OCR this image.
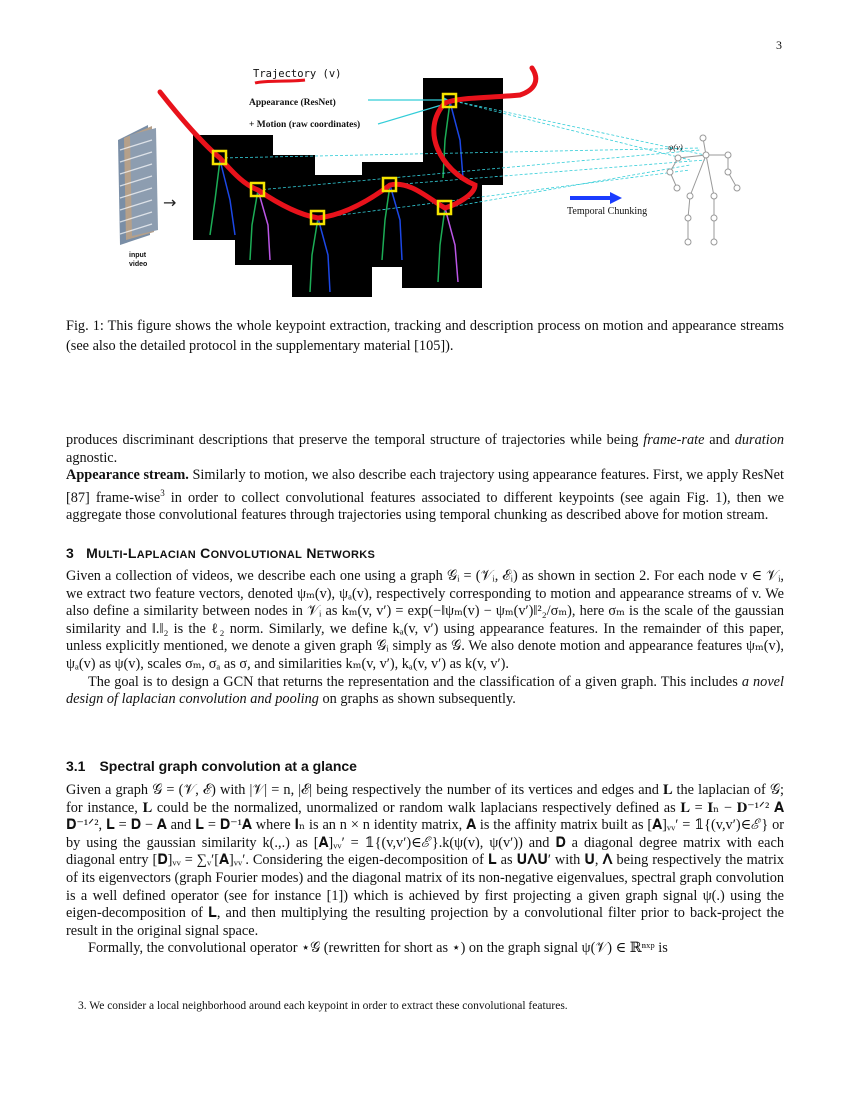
3
→
Trajectory (v)
Appearance (ResNet)
+ Motion (raw coordinates)
input
video
Temporal Chunking
ψ(v)
Fig. 1: This figure shows the whole keypoint extraction, tracking and description process on motion and appearance streams (see also the detailed protocol in the supplementary material [105]).

produces discriminant descriptions that preserve the temporal structure of trajectories while being frame-rate and duration agnostic.

Appearance stream. Similarly to motion, we also describe each trajectory using appearance features. First, we apply ResNet [87] frame-wise$^3$ in order to collect convolutional features associated to different keypoints (see again Fig. 1), then we aggregate those convolutional features through trajectories using temporal chunking as described above for motion stream.

3 MULTI-LAPLACIAN CONVOLUTIONAL NETWORKS

Given a collection of videos, we describe each one using a graph 𝒢ᵢ = (𝒱ᵢ, ℰᵢ) as shown in section 2. For each node v ∈ 𝒱ᵢ, we extract two feature vectors, denoted ψₘ(v), ψₐ(v), respectively corresponding to motion and appearance streams of v. We also define a similarity between nodes in 𝒱ᵢ as kₘ(v, v′) = exp(−‖ψₘ(v) − ψₘ(v′)‖²₂/σₘ), here σₘ is the scale of the gaussian similarity and ‖.‖₂ is the ℓ₂ norm. Similarly, we define kₐ(v, v′) using appearance features. In the remainder of this paper, unless explicitly mentioned, we denote a given graph 𝒢ᵢ simply as 𝒢. We also denote motion and appearance features ψₘ(v), ψₐ(v) as ψ(v), scales σₘ, σₐ as σ, and similarities kₘ(v, v′), kₐ(v, v′) as k(v, v′).

The goal is to design a GCN that returns the representation and the classification of a given graph. This includes a novel design of laplacian convolution and pooling on graphs as shown subsequently.

3.1 Spectral graph convolution at a glance

Given a graph 𝒢 = (𝒱, ℰ) with |𝒱| = n, |ℰ| being respectively the number of its vertices and edges and 𝐋 the laplacian of 𝒢; for instance, 𝐋 could be the normalized, unormalized or random walk laplacians respectively defined as 𝐋 = 𝐈ₙ − 𝐃⁻¹ᐟ² 𝐀 𝐃⁻¹ᐟ², 𝐋 = 𝐃 − 𝐀 and 𝐋 = 𝐃⁻¹𝐀 where 𝐈ₙ is an n × n identity matrix, 𝐀 is the affinity matrix built as [𝐀]ᵥᵥ′ = 𝟙{(v,v′)∈ℰ} or by using the gaussian similarity k(.,.) as [𝐀]ᵥᵥ′ = 𝟙{(v,v′)∈ℰ}.k(ψ(v), ψ(v′)) and 𝐃 a diagonal degree matrix with each diagonal entry [𝐃]ᵥᵥ = ∑ᵥ′[𝐀]ᵥᵥ′. Considering the eigen-decomposition of 𝐋 as 𝐔𝚲𝐔′ with 𝐔, 𝚲 being respectively the matrix of its eigenvectors (graph Fourier modes) and the diagonal matrix of its non-negative eigenvalues, spectral graph convolution is a well defined operator (see for instance [1]) which is achieved by first projecting a given graph signal ψ(.) using the eigen-decomposition of 𝐋, and then multiplying the resulting projection by a convolutional filter prior to back-project the result in the original signal space.

Formally, the convolutional operator ⋆𝒢 (rewritten for short as ⋆) on the graph signal ψ(𝒱) ∈ ℝⁿˣᵖ is

3. We consider a local neighborhood around each keypoint in order to extract these convolutional features.
